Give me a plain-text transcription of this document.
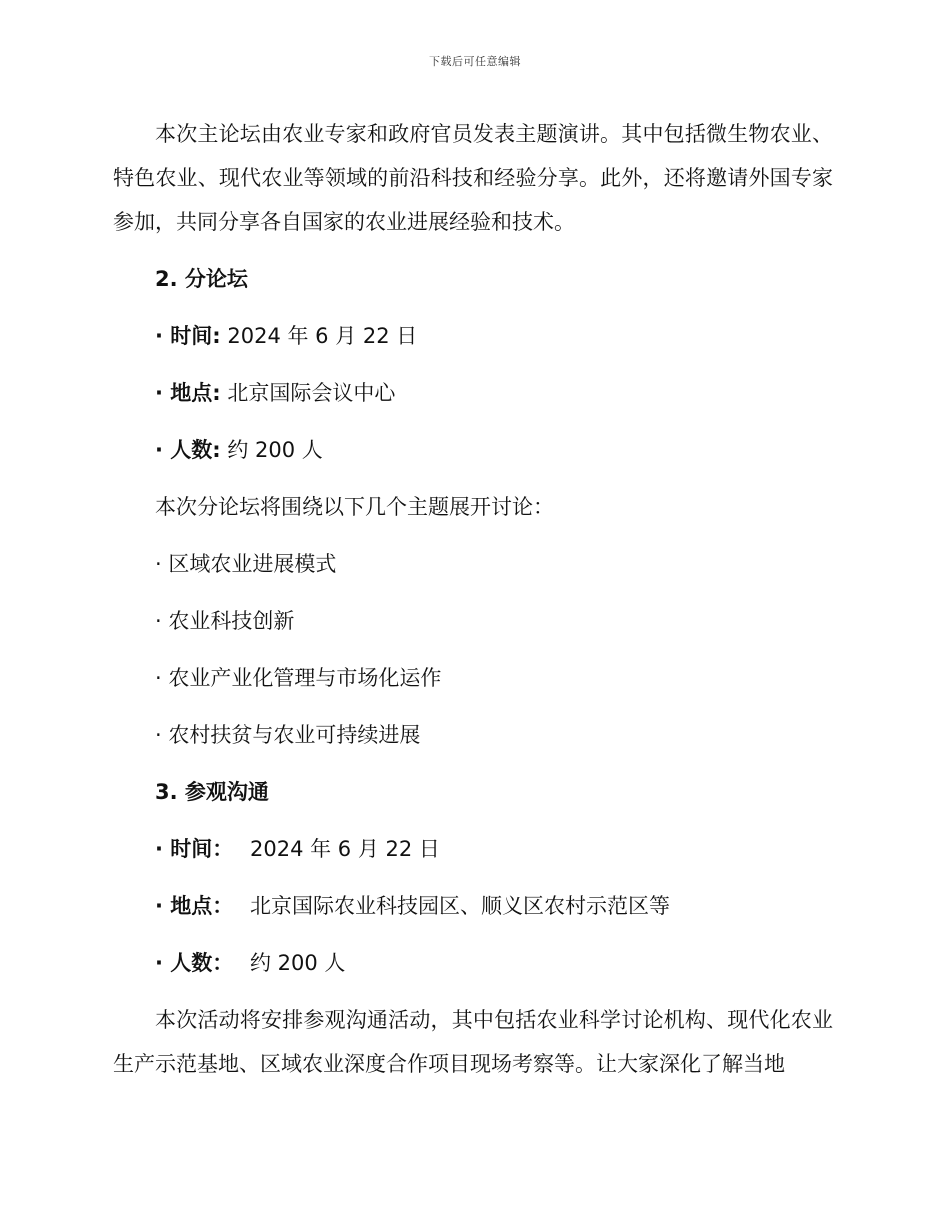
下载后可任意编辑

本次主论坛由农业专家和政府官员发表主题演讲。其中包括微生物农业、特色农业、现代农业等领域的前沿科技和经验分享。此外，还将邀请外国专家参加，共同分享各自国家的农业进展经验和技术。

2. 分论坛

· 时间: 2024 年 6 月 22 日

· 地点: 北京国际会议中心

· 人数: 约 200 人

本次分论坛将围绕以下几个主题展开讨论：

· 区域农业进展模式

· 农业科技创新

· 农业产业化管理与市场化运作

· 农村扶贫与农业可持续进展

3. 参观沟通

· 时间： 2024 年 6 月 22 日

· 地点： 北京国际农业科技园区、顺义区农村示范区等

· 人数： 约 200 人

本次活动将安排参观沟通活动，其中包括农业科学讨论机构、现代化农业生产示范基地、区域农业深度合作项目现场考察等。让大家深化了解当地
